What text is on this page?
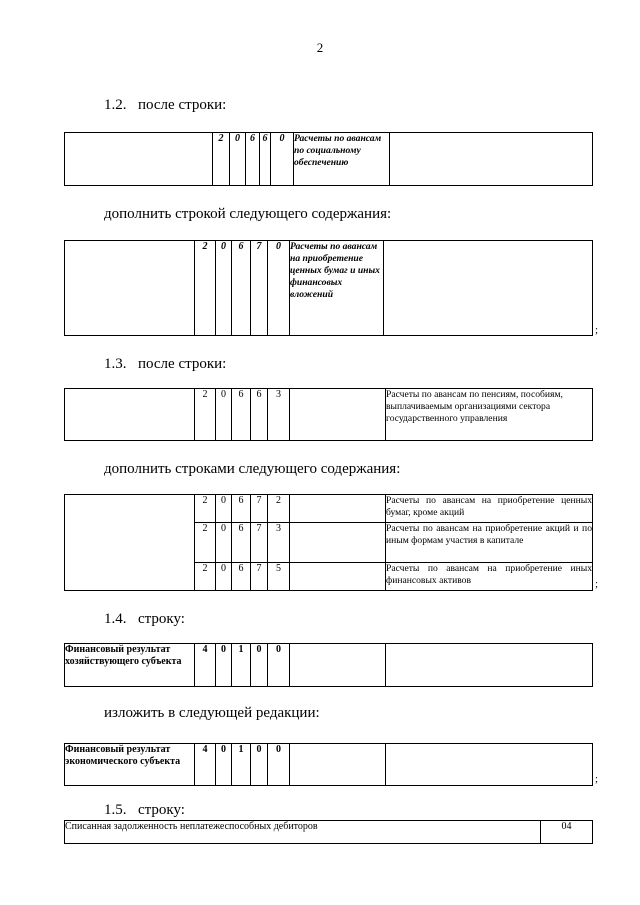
2
1.2. после строки:
	2	0	6	6	0	Расчеты по авансам по социальному обеспечению	
дополнить строкой следующего содержания:
	2	0	6	7	0	Расчеты по авансам на приобретение ценных бумаг и иных финансовых вложений	
;
1.3. после строки:
	2	0	6	6	3		Расчеты по авансам по пенсиям, пособиям, выплачиваемым организациями сектора государственного управления
дополнить строками следующего содержания:
	2	0	6	7	2		Расчеты по авансам на приобретение ценных бумаг, кроме акций
	2	0	6	7	3		Расчеты по авансам на приобретение акций и по иным формам участия в капитале
	2	0	6	7	5		Расчеты по авансам на приобретение иных финансовых активов	;
1.4. строку:
Финансовый результат хозяйствующего субъекта	4	0	1	0	0		
изложить в следующей редакции:
Финансовый результат экономического субъекта	4	0	1	0	0		
;
1.5. строку:
Списанная задолженность неплатежеспособных дебиторов	04
